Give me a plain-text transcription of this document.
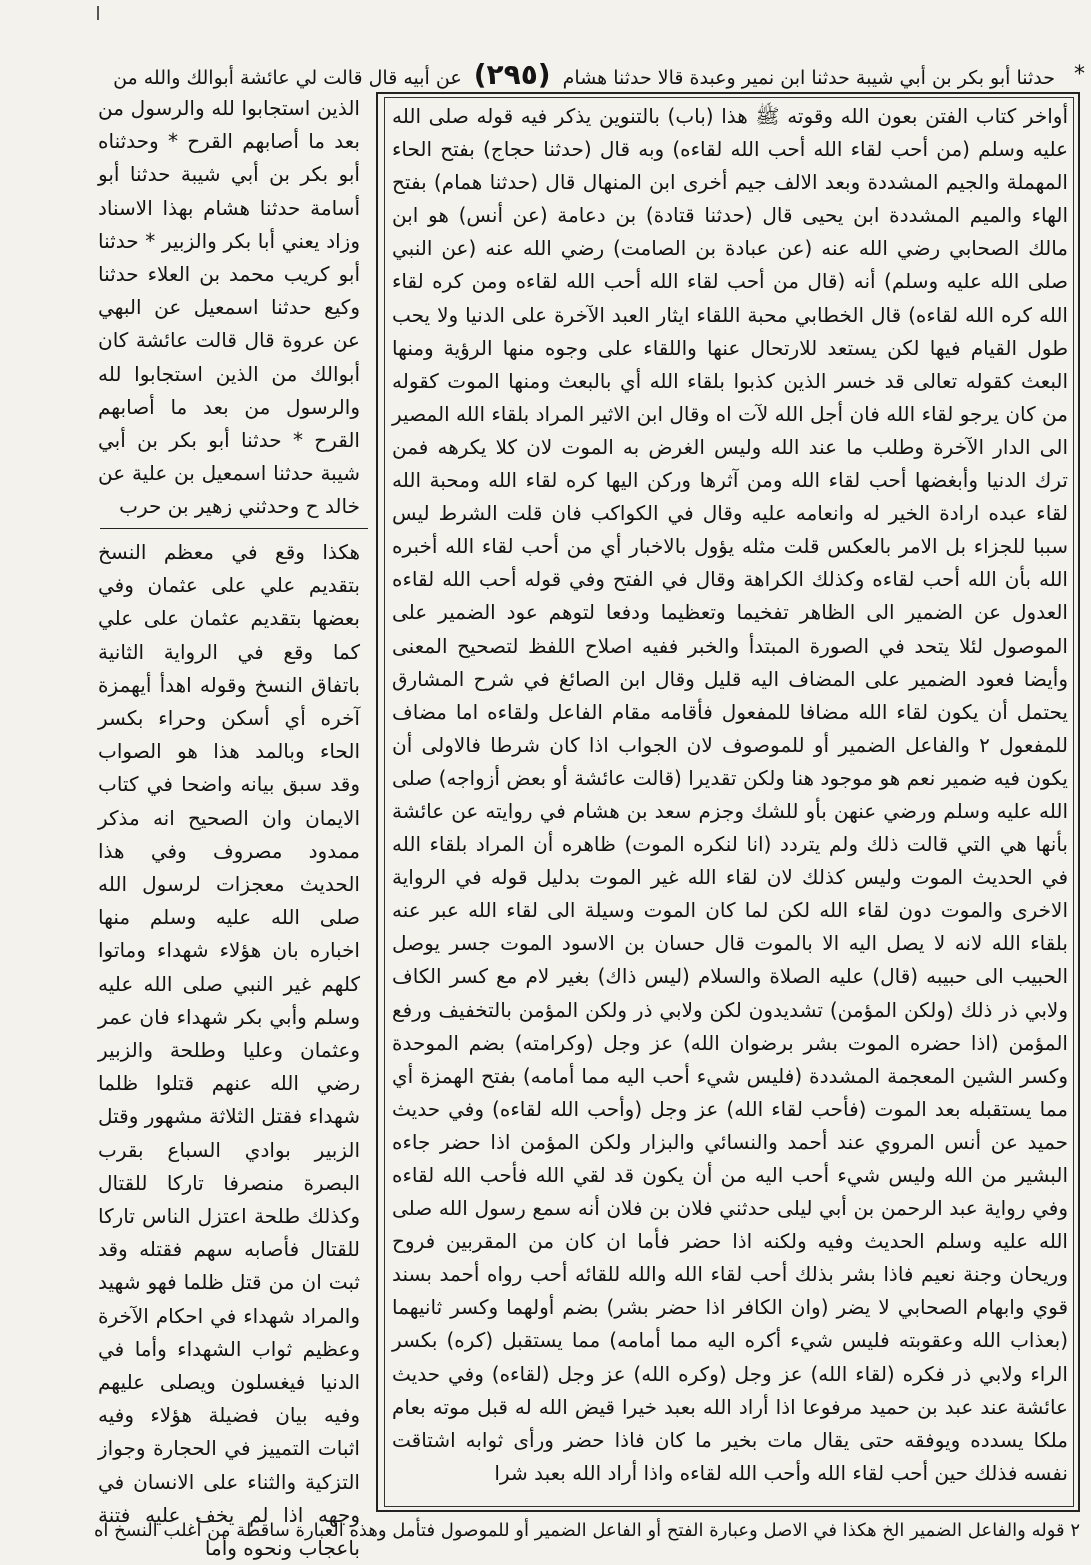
*
حدثنا أبو بكر بن أبي شيبة حدثنا ابن نمير وعبدة قالا حدثنا هشام (٢٩٥) عن أبيه قال قالت لي عائشة أبوالك والله من

الذين استجابوا لله والرسول من بعد ما أصابهم القرح * وحدثناه أبو بكر بن أبي شيبة حدثنا أبو أسامة حدثنا هشام بهذا الاسناد وزاد يعني أبا بكر والزبير * حدثنا أبو كريب محمد بن العلاء حدثنا وكيع حدثنا اسمعيل عن البهي عن عروة قال قالت عائشة كان أبوالك من الذين استجابوا لله والرسول من بعد ما أصابهم القرح * حدثنا أبو بكر بن أبي شيبة حدثنا اسمعيل بن علية عن خالد ح وحدثني زهير بن حرب

هكذا وقع في معظم النسخ بتقديم علي على عثمان وفي بعضها بتقديم عثمان على علي كما وقع في الرواية الثانية باتفاق النسخ وقوله اهدأ أيهمزة آخره أي أسكن وحراء بكسر الحاء وبالمد هذا هو الصواب وقد سبق بيانه واضحا في كتاب الايمان وان الصحيح انه مذكر ممدود مصروف وفي هذا الحديث معجزات لرسول الله صلى الله عليه وسلم منها اخباره بان هؤلاء شهداء وماتوا كلهم غير النبي صلى الله عليه وسلم وأبي بكر شهداء فان عمر وعثمان وعليا وطلحة والزبير رضي الله عنهم قتلوا ظلما شهداء فقتل الثلاثة مشهور وقتل الزبير بوادي السباع بقرب البصرة منصرفا تاركا للقتال وكذلك طلحة اعتزل الناس تاركا للقتال فأصابه سهم فقتله وقد ثبت ان من قتل ظلما فهو شهيد والمراد شهداء في احكام الآخرة وعظيم ثواب الشهداء وأما في الدنيا فيغسلون ويصلى عليهم وفيه بيان فضيلة هؤلاء وفيه اثبات التمييز في الحجارة وجواز التزكية والثناء على الانسان في وجهه اذا لم يخف عليه فتنة باعجاب ونحوه وأما

أواخر كتاب الفتن بعون الله وقوته ﷺ هذا (باب) بالتنوين يذكر فيه قوله صلى الله عليه وسلم (من أحب لقاء الله أحب الله لقاءه) وبه قال (حدثنا حجاج) بفتح الحاء المهملة والجيم المشددة وبعد الالف جيم أخرى ابن المنهال قال (حدثنا همام) بفتح الهاء والميم المشددة ابن يحيى قال (حدثنا قتادة) بن دعامة (عن أنس) هو ابن مالك الصحابي رضي الله عنه (عن عبادة بن الصامت) رضي الله عنه (عن النبي صلى الله عليه وسلم) أنه (قال من أحب لقاء الله أحب الله لقاءه ومن كره لقاء الله كره الله لقاءه) قال الخطابي محبة اللقاء ايثار العبد الآخرة على الدنيا ولا يحب طول القيام فيها لكن يستعد للارتحال عنها واللقاء على وجوه منها الرؤية ومنها البعث كقوله تعالى قد خسر الذين كذبوا بلقاء الله أي بالبعث ومنها الموت كقوله من كان يرجو لقاء الله فان أجل الله لآت اه وقال ابن الاثير المراد بلقاء الله المصير الى الدار الآخرة وطلب ما عند الله وليس الغرض به الموت لان كلا يكرهه فمن ترك الدنيا وأبغضها أحب لقاء الله ومن آثرها وركن اليها كره لقاء الله ومحبة الله لقاء عبده ارادة الخير له وانعامه عليه وقال في الكواكب فان قلت الشرط ليس سببا للجزاء بل الامر بالعكس قلت مثله يؤول بالاخبار أي من أحب لقاء الله أخبره الله بأن الله أحب لقاءه وكذلك الكراهة وقال في الفتح وفي قوله أحب الله لقاءه العدول عن الضمير الى الظاهر تفخيما وتعظيما ودفعا لتوهم عود الضمير على الموصول لئلا يتحد في الصورة المبتدأ والخبر ففيه اصلاح اللفظ لتصحيح المعنى وأيضا فعود الضمير على المضاف اليه قليل وقال ابن الصائغ في شرح المشارق يحتمل أن يكون لقاء الله مضافا للمفعول فأقامه مقام الفاعل ولقاءه اما مضاف للمفعول ٢ والفاعل الضمير أو للموصوف لان الجواب اذا كان شرطا فالاولى أن يكون فيه ضمير نعم هو موجود هنا ولكن تقديرا (قالت عائشة أو بعض أزواجه) صلى الله عليه وسلم ورضي عنهن بأو للشك وجزم سعد بن هشام في روايته عن عائشة بأنها هي التي قالت ذلك ولم يتردد (انا لنكره الموت) ظاهره أن المراد بلقاء الله في الحديث الموت وليس كذلك لان لقاء الله غير الموت بدليل قوله في الرواية الاخرى والموت دون لقاء الله لكن لما كان الموت وسيلة الى لقاء الله عبر عنه بلقاء الله لانه لا يصل اليه الا بالموت قال حسان بن الاسود الموت جسر يوصل الحبيب الى حبيبه (قال) عليه الصلاة والسلام (ليس ذاك) بغير لام مع كسر الكاف ولابي ذر ذلك (ولكن المؤمن) تشديدون لكن ولابي ذر ولكن المؤمن بالتخفيف ورفع المؤمن (اذا حضره الموت بشر برضوان الله) عز وجل (وكرامته) بضم الموحدة وكسر الشين المعجمة المشددة (فليس شيء أحب اليه مما أمامه) بفتح الهمزة أي مما يستقبله بعد الموت (فأحب لقاء الله) عز وجل (وأحب الله لقاءه) وفي حديث حميد عن أنس المروي عند أحمد والنسائي والبزار ولكن المؤمن اذا حضر جاءه البشير من الله وليس شيء أحب اليه من أن يكون قد لقي الله فأحب الله لقاءه وفي رواية عبد الرحمن بن أبي ليلى حدثني فلان بن فلان أنه سمع رسول الله صلى الله عليه وسلم الحديث وفيه ولكنه اذا حضر فأما ان كان من المقربين فروح وريحان وجنة نعيم فاذا بشر بذلك أحب لقاء الله والله للقائه أحب رواه أحمد بسند قوي وابهام الصحابي لا يضر (وان الكافر اذا حضر بشر) بضم أولهما وكسر ثانيهما (بعذاب الله وعقوبته فليس شيء أكره اليه مما أمامه) مما يستقبل (كره) بكسر الراء ولابي ذر فكره (لقاء الله) عز وجل (وكره الله) عز وجل (لقاءه) وفي حديث عائشة عند عبد بن حميد مرفوعا اذا أراد الله بعبد خيرا قيض الله له قبل موته بعام ملكا يسدده ويوفقه حتى يقال مات بخير ما كان فاذا حضر ورأى ثوابه اشتاقت نفسه فذلك حين أحب لقاء الله وأحب الله لقاءه واذا أراد الله بعبد شرا

٢ قوله والفاعل الضمير الخ هكذا في الاصل وعبارة الفتح أو الفاعل الضمير أو للموصول فتأمل وهذه العبارة ساقطة من أغلب النسخ اه
